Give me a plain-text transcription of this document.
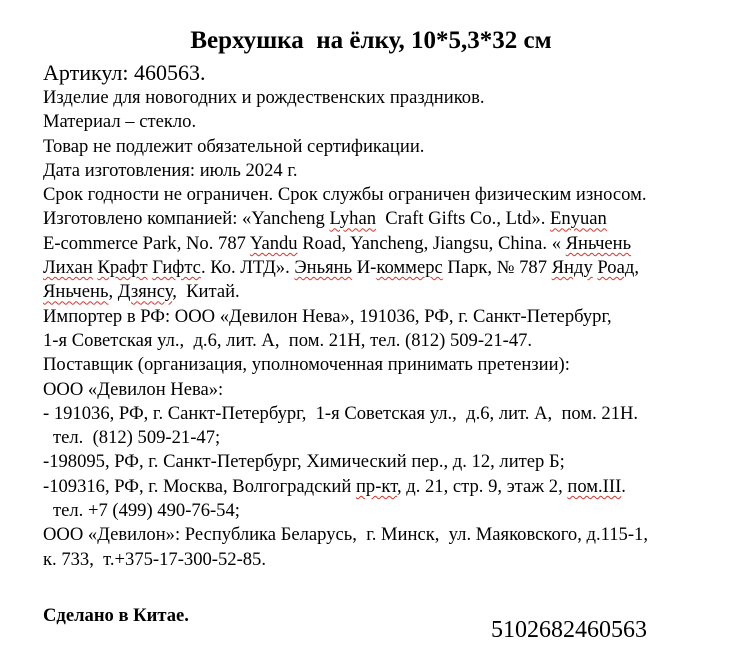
Верхушка  на ёлку, 10*5,3*32 см
Артикул: 460563.
Изделие для новогодних и рождественских праздников.
Материал – стекло.
Товар не подлежит обязательной сертификации.
Дата изготовления: июль 2024 г.
Срок годности не ограничен. Срок службы ограничен физическим износом.
Изготовлено компанией: «Yancheng Lyhan  Craft Gifts Co., Ltd». Enyuan
E-commerce Park, No. 787 Yandu Road, Yancheng, Jiangsu, China. « Яньчень
Лихан Крафт Гифтс. Ко. ЛТД». Эньянь И-коммерс Парк, № 787 Янду Роад,
Яньчень, Дзянсу,  Китай.
Импортер в РФ: ООО «Девилон Нева», 191036, РФ, г. Санкт-Петербург,
1-я Советская ул.,  д.6, лит. А,  пом. 21Н, тел. (812) 509-21-47.
Поставщик (организация, уполномоченная принимать претензии):
ООО «Девилон Нева»:
- 191036, РФ, г. Санкт-Петербург,  1-я Советская ул.,  д.6, лит. А,  пом. 21Н.
тел.  (812) 509-21-47;
-198095, РФ, г. Санкт-Петербург, Химический пер., д. 12, литер Б;
-109316, РФ, г. Москва, Волгоградский пр-кт, д. 21, стр. 9, этаж 2, пом.III.
тел. +7 (499) 490-76-54;
ООО «Девилон»: Республика Беларусь,  г. Минск,  ул. Маяковского, д.115-1,
к. 733,  т.+375-17-300-52-85.
Сделано в Китае.
5102682460563
